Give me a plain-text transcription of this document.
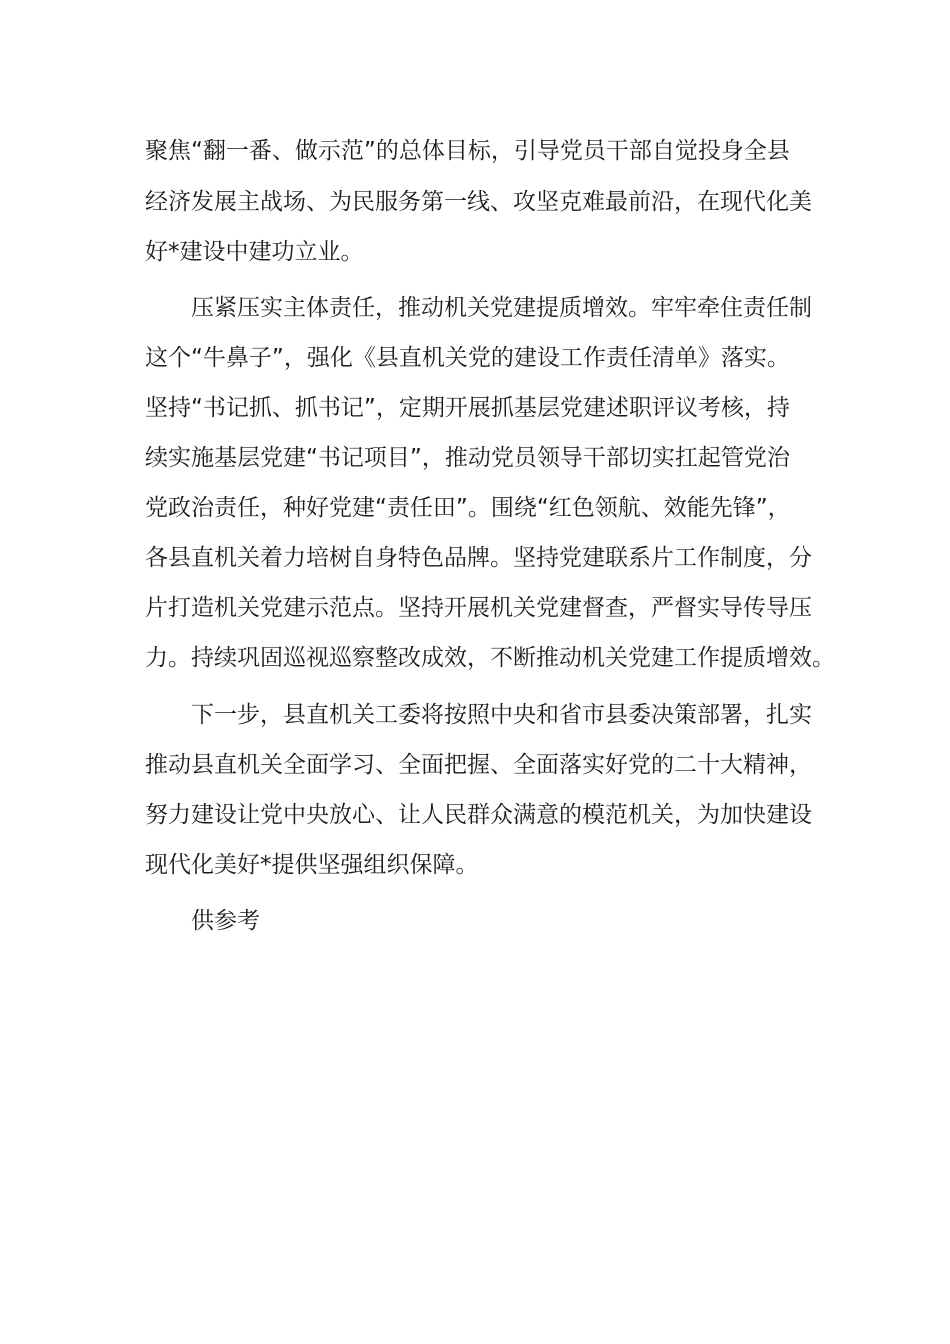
聚焦“翻一番、做示范”的总体目标，引导党员干部自觉投身全县
经济发展主战场、为民服务第一线、攻坚克难最前沿，在现代化美
好*建设中建功立业。
压紧压实主体责任，推动机关党建提质增效。牢牢牵住责任制
这个“牛鼻子”，强化《县直机关党的建设工作责任清单》落实。
坚持“书记抓、抓书记”，定期开展抓基层党建述职评议考核，持
续实施基层党建“书记项目”，推动党员领导干部切实扛起管党治
党政治责任，种好党建“责任田”。围绕“红色领航、效能先锋”，
各县直机关着力培树自身特色品牌。坚持党建联系片工作制度，分
片打造机关党建示范点。坚持开展机关党建督查，严督实导传导压
力。持续巩固巡视巡察整改成效，不断推动机关党建工作提质增效。
下一步，县直机关工委将按照中央和省市县委决策部署，扎实
推动县直机关全面学习、全面把握、全面落实好党的二十大精神，
努力建设让党中央放心、让人民群众满意的模范机关，为加快建设
现代化美好*提供坚强组织保障。
供参考
